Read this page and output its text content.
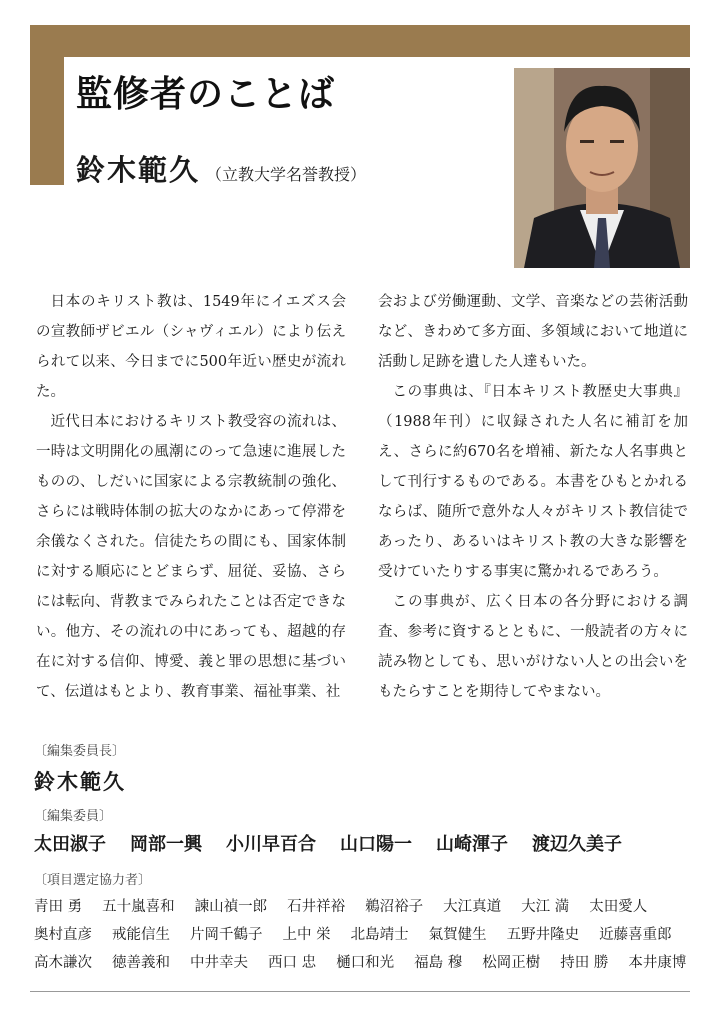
監修者のことば
鈴木範久 （立教大学名誉教授）

日本のキリスト教は、1549年にイエズス会の宣教師ザビエル（シャヴィエル）により伝えられて以来、今日までに500年近い歴史が流れた。

近代日本におけるキリスト教受容の流れは、一時は文明開化の風潮にのって急速に進展したものの、しだいに国家による宗教統制の強化、さらには戦時体制の拡大のなかにあって停滞を余儀なくされた。信徒たちの間にも、国家体制に対する順応にとどまらず、屈従、妥協、さらには転向、背教までみられたことは否定できない。他方、その流れの中にあっても、超越的存在に対する信仰、博愛、義と罪の思想に基づいて、伝道はもとより、教育事業、福祉事業、社

会および労働運動、文学、音楽などの芸術活動など、きわめて多方面、多領域において地道に活動し足跡を遺した人達もいた。

この事典は、『日本キリスト教歴史大事典』（1988年刊）に収録された人名に補訂を加え、さらに約670名を増補、新たな人名事典として刊行するものである。本書をひもとかれるならば、随所で意外な人々がキリスト教信徒であったり、あるいはキリスト教の大きな影響を受けていたりする事実に驚かれるであろう。

この事典が、広く日本の各分野における調査、参考に資するとともに、一般読者の方々に読み物としても、思いがけない人との出会いをもたらすことを期待してやまない。

〔編集委員長〕
鈴木範久
〔編集委員〕
太田淑子 岡部一興 小川早百合 山口陽一 山崎渾子 渡辺久美子
〔項目選定協力者〕
青田 勇 五十嵐喜和 諫山禎一郎 石井祥裕 鵜沼裕子 大江真道 大江 満 太田愛人
奥村直彦 戒能信生 片岡千鶴子 上中 栄 北島靖士 氣賀健生 五野井隆史 近藤喜重郎
高木謙次 徳善義和 中井幸夫 西口 忠 樋口和光 福島 穆 松岡正樹 持田 勝 本井康博
